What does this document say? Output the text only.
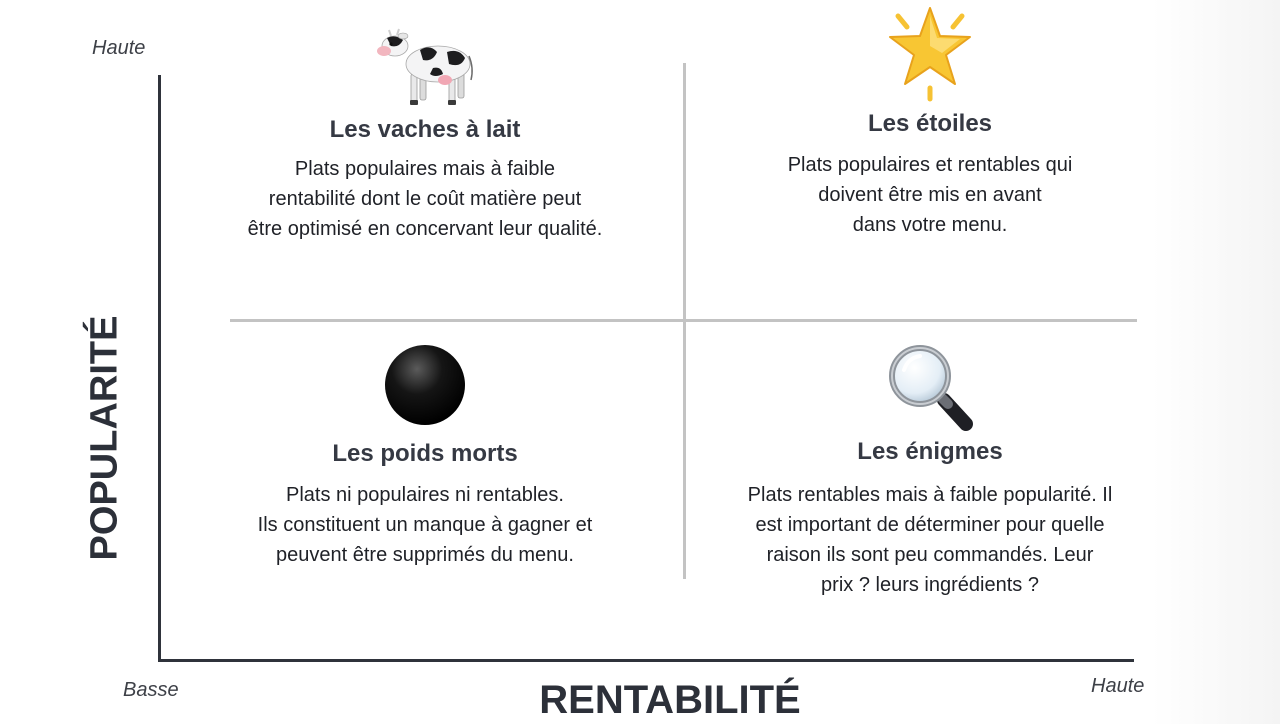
Haute
Basse	Haute
POPULARITÉ
RENTABILITÉ

Les vaches à lait

Plats populaires mais à faible
rentabilité dont le coût matière peut
être optimisé en concervant leur qualité.

Les étoiles

Plats populaires et rentables qui
doivent être mis en avant
dans votre menu.

Les poids morts

Plats ni populaires ni rentables.
Ils constituent un manque à gagner et
peuvent être supprimés du menu.

Les énigmes

Plats rentables mais à faible popularité. Il
est important de déterminer pour quelle
raison ils sont peu commandés. Leur
prix ? leurs ingrédients ?
